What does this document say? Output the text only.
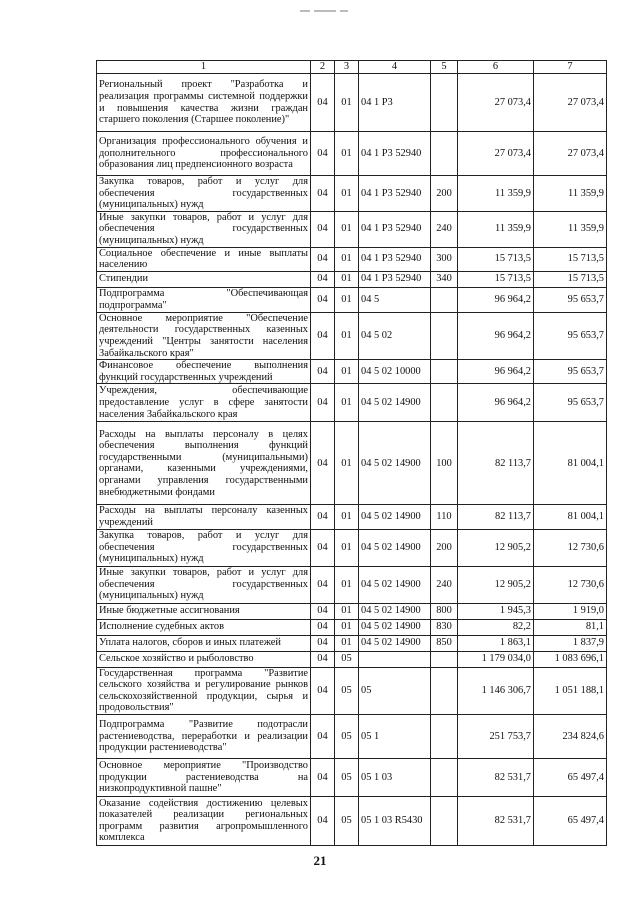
1	2	3	4	5	6	7
Региональный проект "Разработка и реализация программы системной поддержки и повышения качества жизни граждан старшего поколения (Старшее поколение)"	04	01	04 1 Р3		27 073,4	27 073,4
Организация профессионального обучения и дополнительного профессионального образования лиц предпенсионного возраста	04	01	04 1 Р3 52940		27 073,4	27 073,4
Закупка товаров, работ и услуг для обеспечения государственных (муниципальных) нужд	04	01	04 1 Р3 52940	200	11 359,9	11 359,9
Иные закупки товаров, работ и услуг для обеспечения государственных (муниципальных) нужд	04	01	04 1 Р3 52940	240	11 359,9	11 359,9
Социальное обеспечение и иные выплаты населению	04	01	04 1 Р3 52940	300	15 713,5	15 713,5
Стипендии	04	01	04 1 Р3 52940	340	15 713,5	15 713,5
Подпрограмма "Обеспечивающая подпрограмма"	04	01	04 5		96 964,2	95 653,7
Основное мероприятие "Обеспечение деятельности государственных казенных учреждений "Центры занятости населения Забайкальского края"	04	01	04 5 02		96 964,2	95 653,7
Финансовое обеспечение выполнения функций государственных учреждений	04	01	04 5 02 10000		96 964,2	95 653,7
Учреждения, обеспечивающие предоставление услуг в сфере занятости населения Забайкальского края	04	01	04 5 02 14900		96 964,2	95 653,7
Расходы на выплаты персоналу в целях обеспечения выполнения функций государственными (муниципальными) органами, казенными учреждениями, органами управления государственными внебюджетными фондами	04	01	04 5 02 14900	100	82 113,7	81 004,1
Расходы на выплаты персоналу казенных учреждений	04	01	04 5 02 14900	110	82 113,7	81 004,1
Закупка товаров, работ и услуг для обеспечения государственных (муниципальных) нужд	04	01	04 5 02 14900	200	12 905,2	12 730,6
Иные закупки товаров, работ и услуг для обеспечения государственных (муниципальных) нужд	04	01	04 5 02 14900	240	12 905,2	12 730,6
Иные бюджетные ассигнования	04	01	04 5 02 14900	800	1 945,3	1 919,0
Исполнение судебных актов	04	01	04 5 02 14900	830	82,2	81,1
Уплата налогов, сборов и иных платежей	04	01	04 5 02 14900	850	1 863,1	1 837,9
Сельское хозяйство и рыболовство	04	05			1 179 034,0	1 083 696,1
Государственная программа "Развитие сельского хозяйства и регулирование рынков сельскохозяйственной продукции, сырья и продовольствия"	04	05	05		1 146 306,7	1 051 188,1
Подпрограмма "Развитие подотрасли растениеводства, переработки и реализации продукции растениеводства"	04	05	05 1		251 753,7	234 824,6
Основное мероприятие "Производство продукции растениеводства на низкопродуктивной пашне"	04	05	05 1 03		82 531,7	65 497,4
Оказание содействия достижению целевых показателей реализации региональных программ развития агропромышленного комплекса	04	05	05 1 03 R5430		82 531,7	65 497,4
21
